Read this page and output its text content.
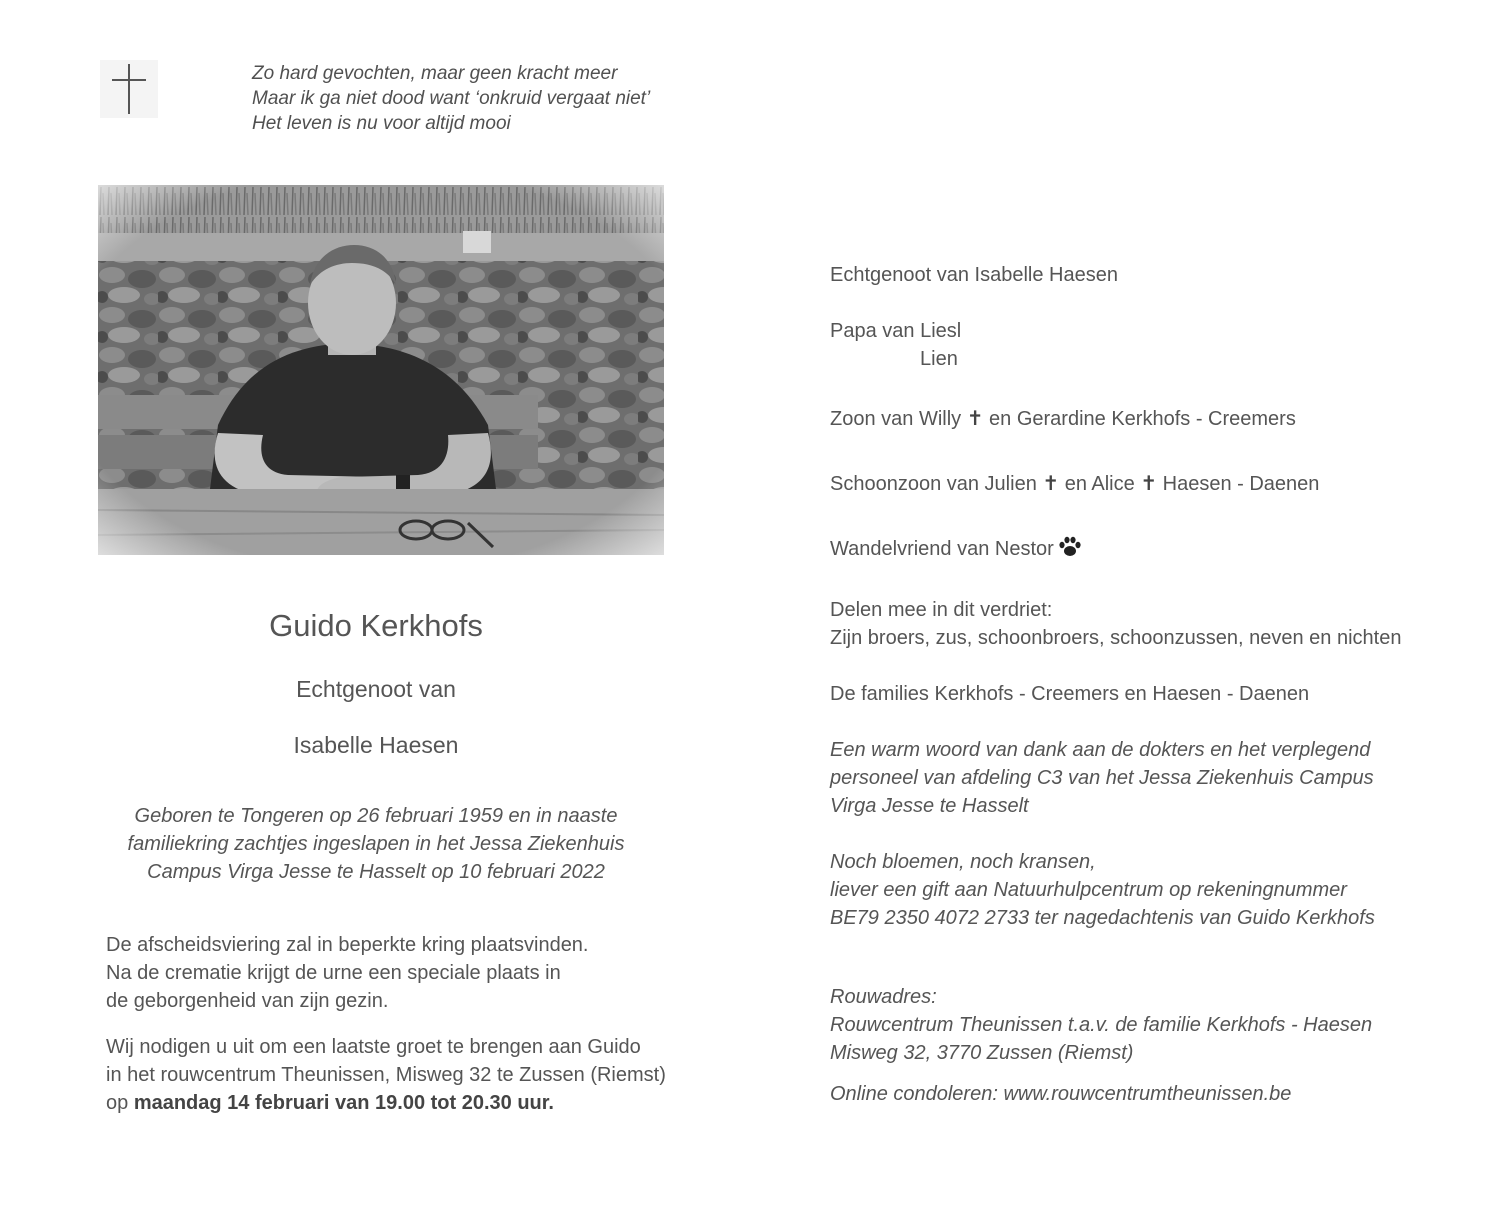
Zo hard gevochten, maar geen kracht meer
Maar ik ga niet dood want ‘onkruid vergaat niet’
Het leven is nu voor altijd mooi
Guido Kerkhofs
Echtgenoot van
Isabelle Haesen
Geboren te Tongeren op 26 februari 1959 en in naaste
familiekring zachtjes ingeslapen in het Jessa Ziekenhuis
Campus Virga Jesse te Hasselt op 10 februari 2022
De afscheidsviering zal in beperkte kring plaatsvinden.
Na de crematie krijgt de urne een speciale plaats in
de geborgenheid van zijn gezin.
Wij nodigen u uit om een laatste groet te brengen aan Guido
in het rouwcentrum Theunissen, Misweg 32 te Zussen (Riemst)
op maandag 14 februari van 19.00 tot 20.30 uur.
Echtgenoot van Isabelle Haesen
Papa van Liesl
Lien
Zoon van Willy ✝ en Gerardine Kerkhofs - Creemers
Schoonzoon van Julien ✝ en Alice ✝ Haesen - Daenen
Wandelvriend van Nestor
Delen mee in dit verdriet:
Zijn broers, zus, schoonbroers, schoonzussen, neven en nichten
De families Kerkhofs - Creemers en Haesen - Daenen
Een warm woord van dank aan de dokters en het verplegend
personeel van afdeling C3 van het Jessa Ziekenhuis Campus
Virga Jesse te Hasselt
Noch bloemen, noch kransen,
liever een gift aan Natuurhulpcentrum op rekeningnummer
BE79 2350 4072 2733 ter nagedachtenis van Guido Kerkhofs
Rouwadres:
Rouwcentrum Theunissen t.a.v. de familie Kerkhofs - Haesen
Misweg 32, 3770 Zussen (Riemst)
Online condoleren: www.rouwcentrumtheunissen.be
